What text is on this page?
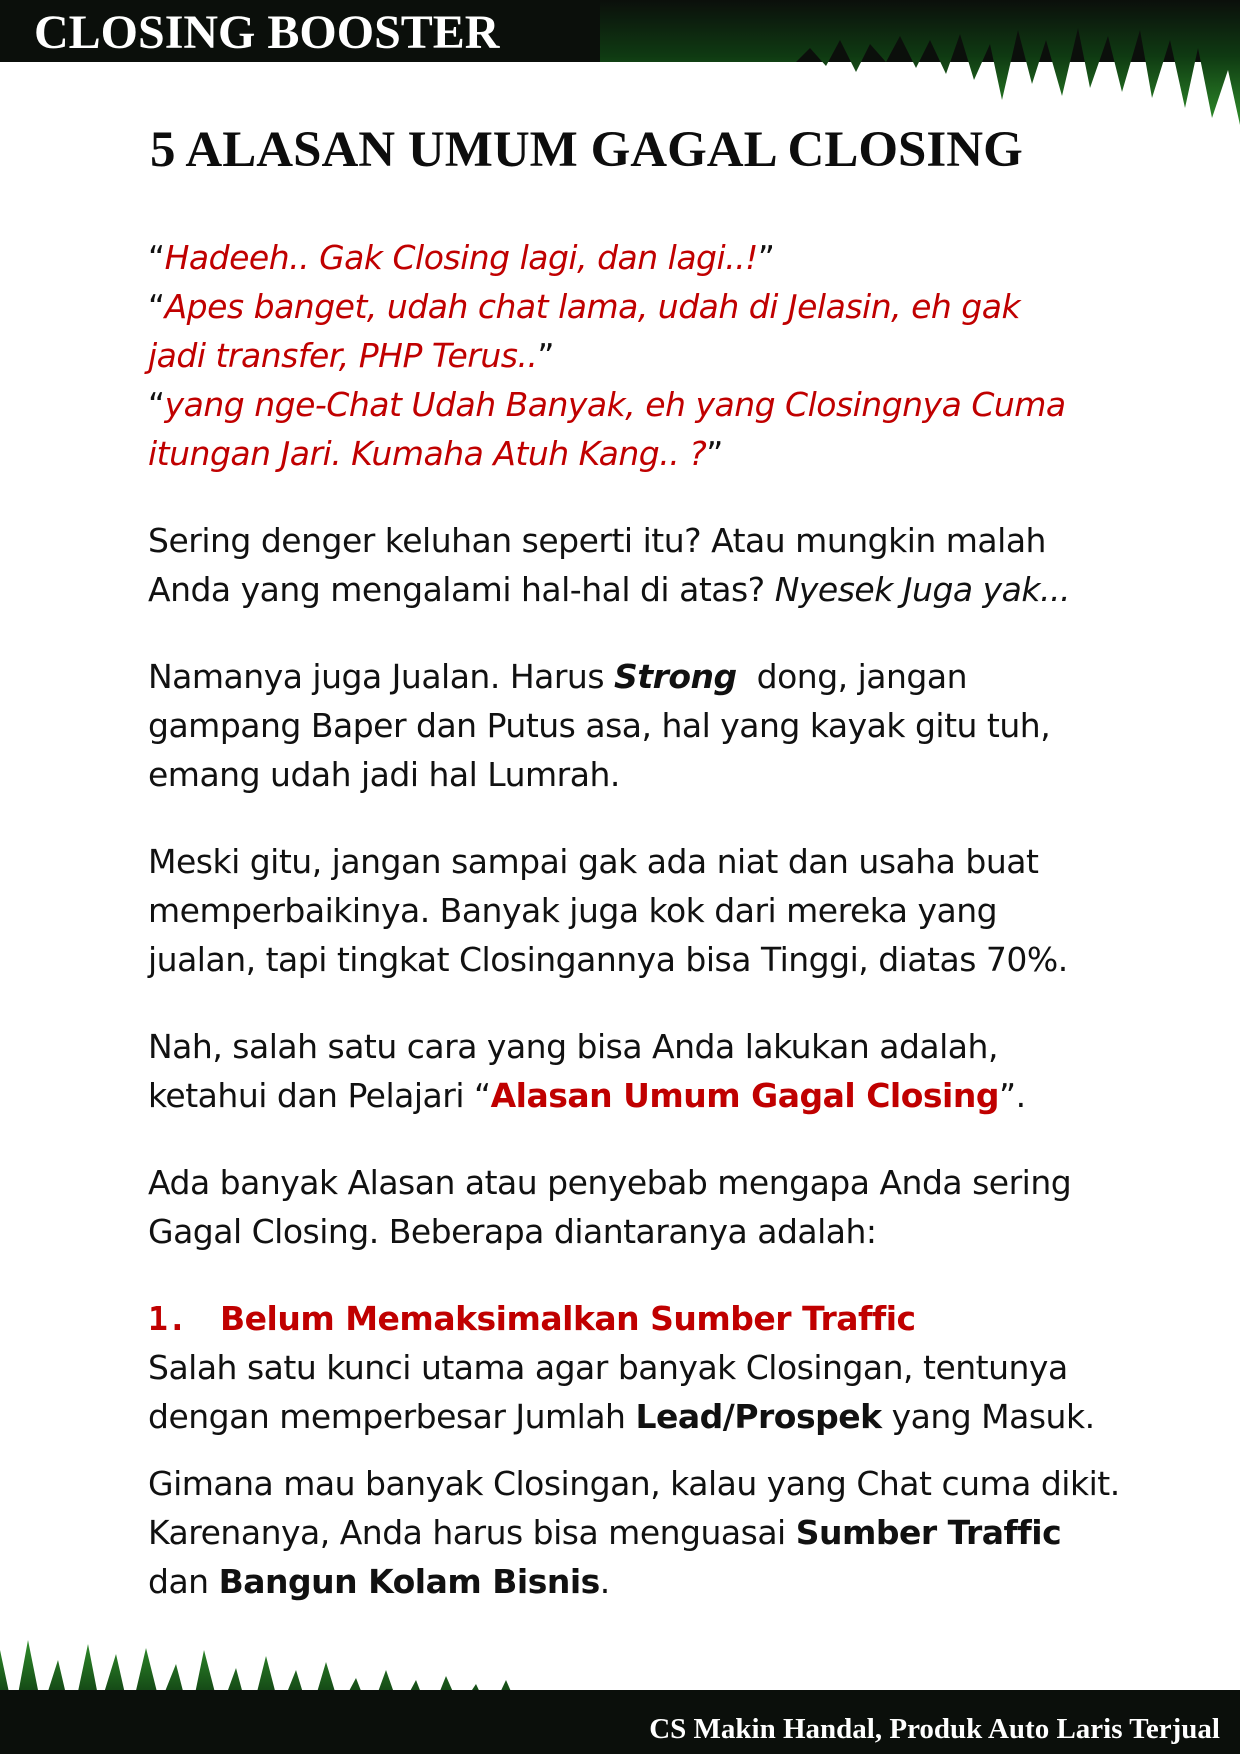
CLOSING BOOSTER
5 ALASAN UMUM GAGAL CLOSING

“Hadeeh.. Gak Closing lagi, dan lagi..!”

“Apes banget, udah chat lama, udah di Jelasin, eh gak
jadi transfer, PHP Terus..”

“yang nge-Chat Udah Banyak, eh yang Closingnya Cuma
itungan Jari. Kumaha Atuh Kang.. ?”

Sering denger keluhan seperti itu? Atau mungkin malah Anda yang mengalami hal-hal di atas? Nyesek Juga yak...

Namanya juga Jualan. Harus Strong dong, jangan gampang Baper dan Putus asa, hal yang kayak gitu tuh, emang udah jadi hal Lumrah.

Meski gitu, jangan sampai gak ada niat dan usaha buat
memperbaikinya. Banyak juga kok dari mereka yang
jualan, tapi tingkat Closingannya bisa Tinggi, diatas 70%.

Nah, salah satu cara yang bisa Anda lakukan adalah,
ketahui dan Pelajari “Alasan Umum Gagal Closing”.

Ada banyak Alasan atau penyebab mengapa Anda sering
Gagal Closing. Beberapa diantaranya adalah:

1. Belum Memaksimalkan Sumber Traffic

Salah satu kunci utama agar banyak Closingan, tentunya
dengan memperbesar Jumlah Lead/Prospek yang Masuk.

Gimana mau banyak Closingan, kalau yang Chat cuma dikit.
Karenanya, Anda harus bisa menguasai Sumber Traffic
dan Bangun Kolam Bisnis.

CS Makin Handal, Produk Auto Laris Terjual
